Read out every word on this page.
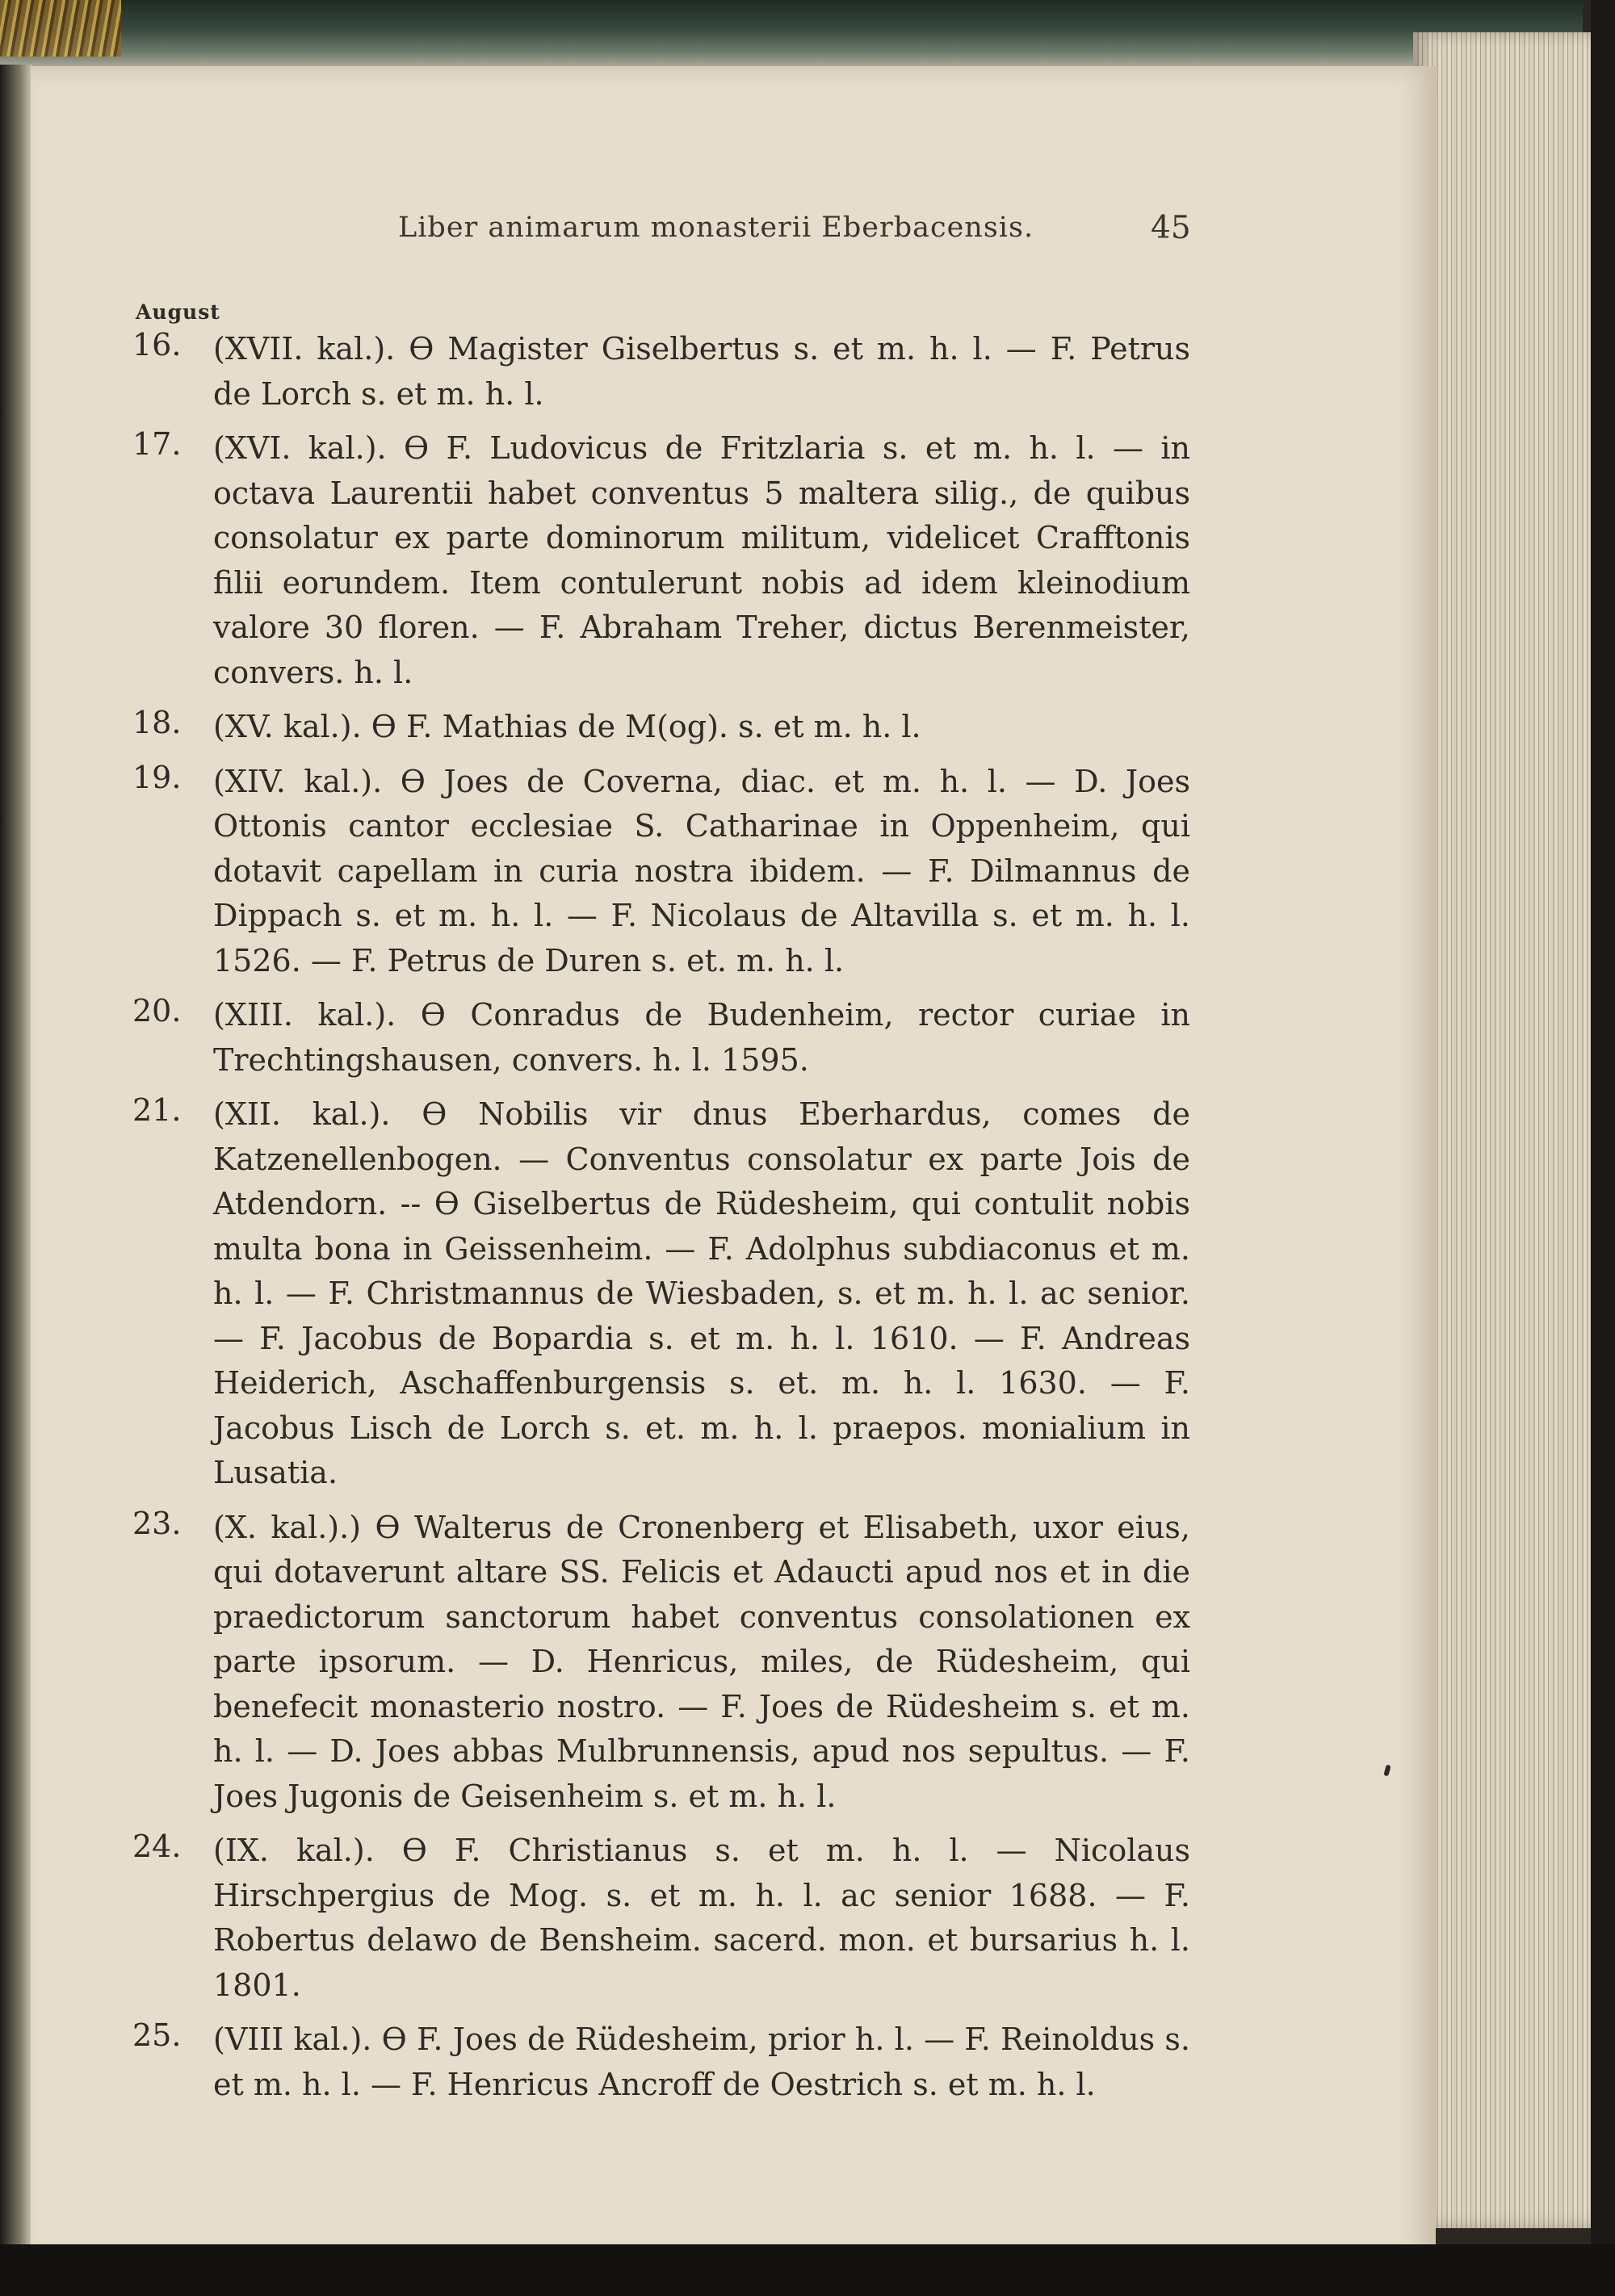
Liber animarum monasterii Eberbacensis.	45
August
16. (XVII. kal.). ϴ Magister Giselbertus s. et m. h. l. — F. Petrus de Lorch s. et m. h. l.
17. (XVI. kal.). ϴ F. Ludovicus de Fritzlaria s. et m. h. l. — in octava Laurentii habet conventus 5 maltera silig., de quibus consolatur ex parte dominorum militum, videlicet Crafftonis filii eorundem. Item contulerunt nobis ad idem kleinodium valore 30 floren. — F. Abraham Treher, dictus Berenmeister, convers. h. l.
18. (XV. kal.). ϴ F. Mathias de M(og). s. et m. h. l.
19. (XIV. kal.). ϴ Joes de Coverna, diac. et m. h. l. — D. Joes Ottonis cantor ecclesiae S. Catharinae in Oppenheim, qui dotavit capellam in curia nostra ibidem. — F. Dilmannus de Dippach s. et m. h. l. — F. Nicolaus de Altavilla s. et m. h. l. 1526. — F. Petrus de Duren s. et. m. h. l.
20. (XIII. kal.). ϴ Conradus de Budenheim, rector curiae in Trechtingshausen, convers. h. l. 1595.
21. (XII. kal.). ϴ Nobilis vir dnus Eberhardus, comes de Katzenellenbogen. — Conventus consolatur ex parte Jois de Atdendorn. -- ϴ Giselbertus de Rüdesheim, qui contulit nobis multa bona in Geissenheim. — F. Adolphus subdiaconus et m. h. l. — F. Christmannus de Wiesbaden, s. et m. h. l. ac senior. — F. Jacobus de Bopardia s. et m. h. l. 1610. — F. Andreas Heiderich, Aschaffenburgensis s. et. m. h. l. 1630. — F. Jacobus Lisch de Lorch s. et. m. h. l. praepos. monialium in Lusatia.
23. (X. kal.).) ϴ Walterus de Cronenberg et Elisabeth, uxor eius, qui dotaverunt altare SS. Felicis et Adaucti apud nos et in die praedictorum sanctorum habet conventus consolationen ex parte ipsorum. — D. Henricus, miles, de Rüdesheim, qui benefecit monasterio nostro. — F. Joes de Rüdesheim s. et m. h. l. — D. Joes abbas Mulbrunnensis, apud nos sepultus. — F. Joes Jugonis de Geisenheim s. et m. h. l.
24. (IX. kal.). ϴ F. Christianus s. et m. h. l. — Nicolaus Hirschpergius de Mog. s. et m. h. l. ac senior 1688. — F. Robertus delawo de Bensheim. sacerd. mon. et bursarius h. l. 1801.
25. (VIII kal.). ϴ F. Joes de Rüdesheim, prior h. l. — F. Reinoldus s. et m. h. l. — F. Henricus Ancroff de Oestrich s. et m. h. l.
